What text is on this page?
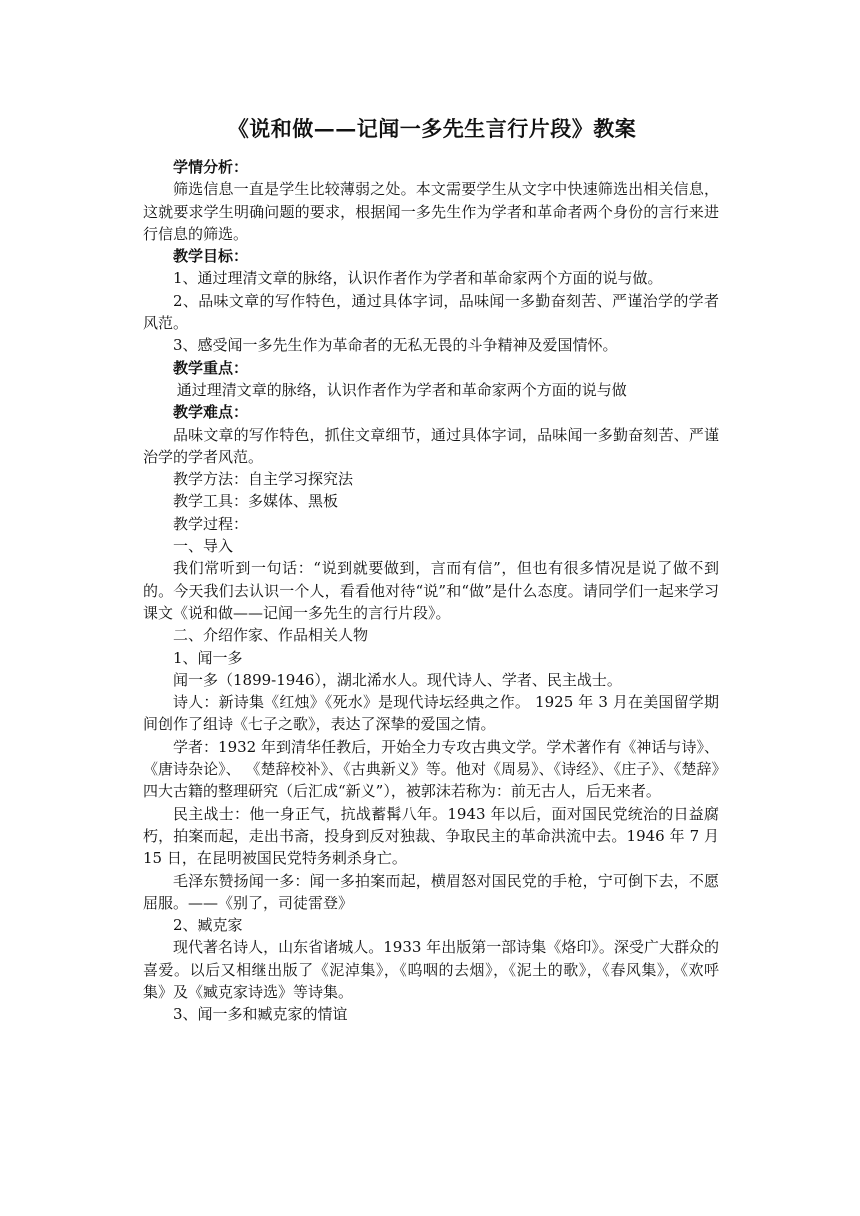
《说和做——记闻一多先生言行片段》教案

学情分析：

筛选信息一直是学生比较薄弱之处。本文需要学生从文字中快速筛选出相关信息，这就要求学生明确问题的要求，根据闻一多先生作为学者和革命者两个身份的言行来进行信息的筛选。

教学目标：

1、通过理清文章的脉络，认识作者作为学者和革命家两个方面的说与做。

2、品味文章的写作特色，通过具体字词，品味闻一多勤奋刻苦、严谨治学的学者风范。

3、感受闻一多先生作为革命者的无私无畏的斗争精神及爱国情怀。

教学重点：

通过理清文章的脉络，认识作者作为学者和革命家两个方面的说与做

教学难点：

品味文章的写作特色，抓住文章细节，通过具体字词，品味闻一多勤奋刻苦、严谨治学的学者风范。

教学方法：自主学习探究法

教学工具：多媒体、黑板

教学过程：

一、导入

我们常听到一句话：“说到就要做到，言而有信”，但也有很多情况是说了做不到的。今天我们去认识一个人，看看他对待“说”和“做”是什么态度。请同学们一起来学习课文《说和做——记闻一多先生的言行片段》。

二、介绍作家、作品相关人物

1、闻一多

闻一多（1899-1946），湖北浠水人。现代诗人、学者、民主战士。

诗人：新诗集《红烛》《死水》是现代诗坛经典之作。 1925 年 3 月在美国留学期间创作了组诗《七子之歌》，表达了深挚的爱国之情。

学者：1932 年到清华任教后，开始全力专攻古典文学。学术著作有《神话与诗》、《唐诗杂论》、 《楚辞校补》、《古典新义》等。他对《周易》、《诗经》、《庄子》、《楚辞》四大古籍的整理研究（后汇成“新义”），被郭沫若称为：前无古人，后无来者。

民主战士：他一身正气，抗战蓄髯八年。1943 年以后，面对国民党统治的日益腐朽，拍案而起，走出书斋，投身到反对独裁、争取民主的革命洪流中去。1946 年 7 月 15 日，在昆明被国民党特务刺杀身亡。

毛泽东赞扬闻一多：闻一多拍案而起，横眉怒对国民党的手枪，宁可倒下去，不愿屈服。——《别了，司徒雷登》

2、臧克家

现代著名诗人，山东省诸城人。1933 年出版第一部诗集《烙印》。深受广大群众的喜爱。以后又相继出版了《泥淖集》，《呜咽的去烟》，《泥土的歌》，《春风集》，《欢呼集》及《臧克家诗选》等诗集。

3、闻一多和臧克家的情谊
